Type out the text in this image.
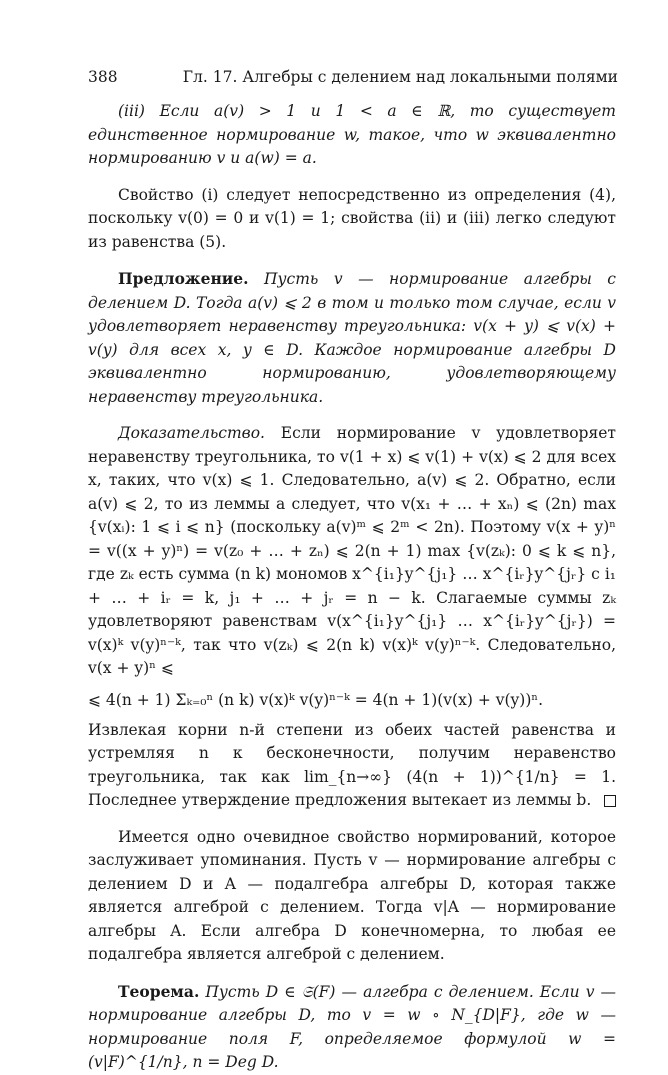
388	Гл. 17. Алгебры с делением над локальными полями

(iii) Если a(v) > 1 и 1 < a ∈ ℝ, то существует единственное нормирование w, такое, что w эквивалентно нормированию v и a(w) = a.

Свойство (i) следует непосредственно из определения (4), поскольку v(0) = 0 и v(1) = 1; свойства (ii) и (iii) легко следуют из равенства (5).

Предложение. Пусть v — нормирование алгебры с делением D. Тогда a(v) ⩽ 2 в том и только том случае, если v удовлетворяет неравенству треугольника: v(x + y) ⩽ v(x) + v(y) для всех x, y ∈ D. Каждое нормирование алгебры D эквивалентно нормированию, удовлетворяющему неравенству треугольника.

Доказательство. Если нормирование v удовлетворяет неравенству треугольника, то v(1 + x) ⩽ v(1) + v(x) ⩽ 2 для всех x, таких, что v(x) ⩽ 1. Следовательно, a(v) ⩽ 2. Обратно, если a(v) ⩽ 2, то из леммы a следует, что v(x₁ + … + xₙ) ⩽ (2n) max {v(xᵢ): 1 ⩽ i ⩽ n} (поскольку a(v)ᵐ ⩽ 2ᵐ < 2n). Поэтому v(x + y)ⁿ = v((x + y)ⁿ) = v(z₀ + … + zₙ) ⩽ 2(n + 1) max {v(zₖ): 0 ⩽ k ⩽ n}, где zₖ есть сумма (n k) мономов x^{i₁}y^{j₁} … x^{iᵣ}y^{jᵣ} с i₁ + … + iᵣ = k, j₁ + … + jᵣ = n − k. Слагаемые суммы zₖ удовлетворяют равенствам v(x^{i₁}y^{j₁} … x^{iᵣ}y^{jᵣ}) = v(x)ᵏ v(y)ⁿ⁻ᵏ, так что v(zₖ) ⩽ 2(n k) v(x)ᵏ v(y)ⁿ⁻ᵏ. Следовательно, v(x + y)ⁿ ⩽

⩽ 4(n + 1) Σₖ₌₀ⁿ (n k) v(x)ᵏ v(y)ⁿ⁻ᵏ = 4(n + 1)(v(x) + v(y))ⁿ.

Извлекая корни n-й степени из обеих частей равенства и устремляя n к бесконечности, получим неравенство треугольника, так как lim_{n→∞} (4(n + 1))^{1/n} = 1. Последнее утверждение предложения вытекает из леммы b.

Имеется одно очевидное свойство нормирований, которое заслуживает упоминания. Пусть v — нормирование алгебры с делением D и A — подалгебра алгебры D, которая также является алгеброй с делением. Тогда v|A — нормирование алгебры A. Если алгебра D конечномерна, то любая ее подалгебра является алгеброй с делением.

Теорема. Пусть D ∈ 𝔖(F) — алгебра с делением. Если v — нормирование алгебры D, то v = w ∘ N_{D|F}, где w — нормирование поля F, определяемое формулой w = (v|F)^{1/n}, n = Deg D.
